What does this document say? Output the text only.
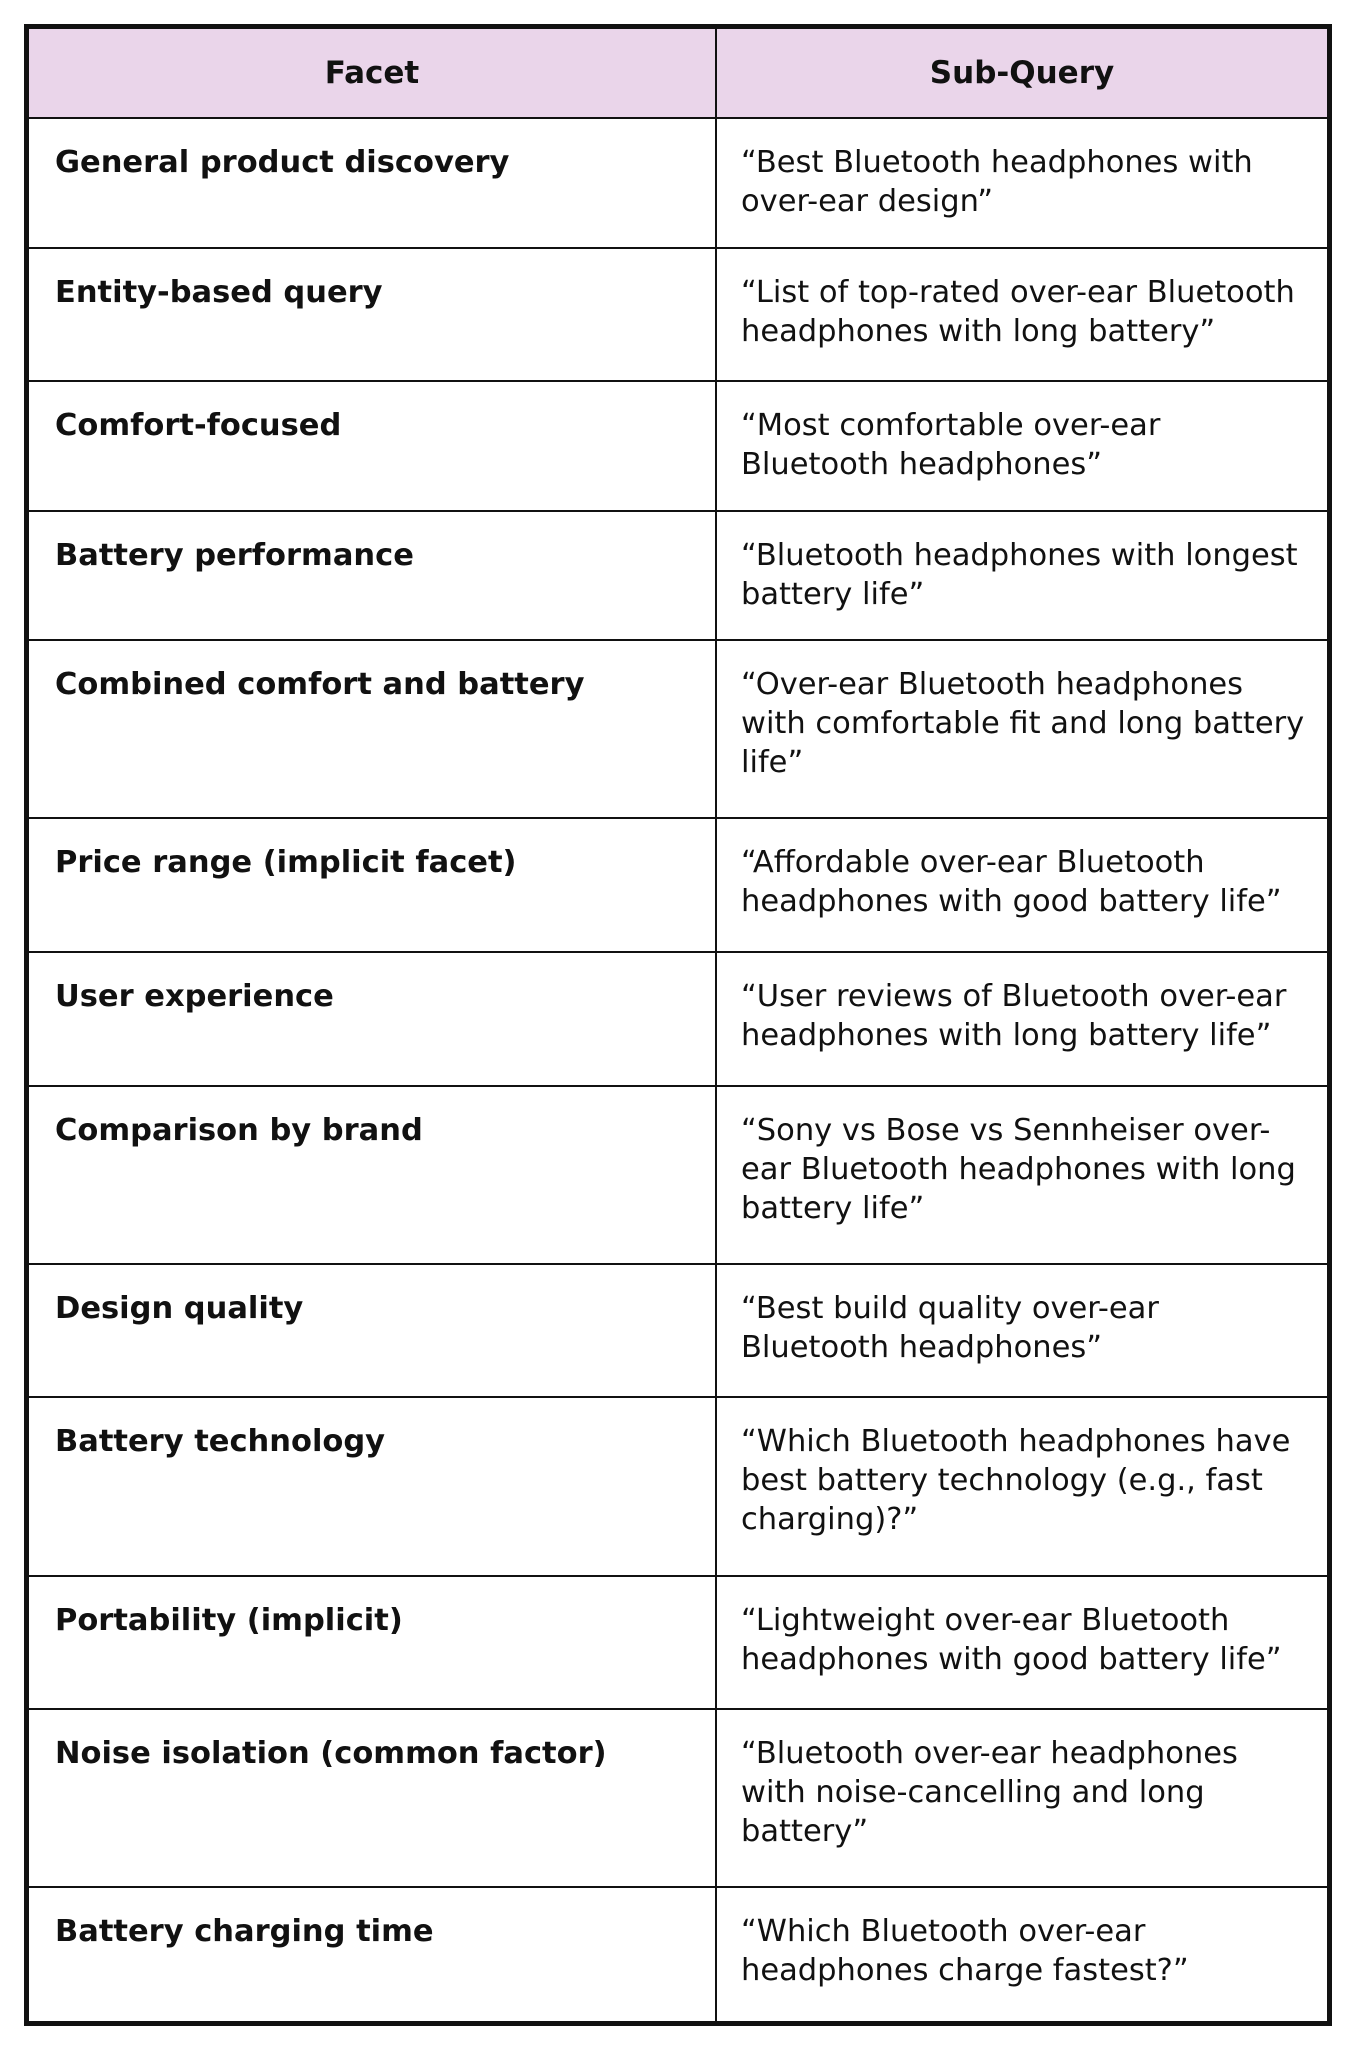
Facet	Sub-Query
General product discovery	“Best Bluetooth headphones with over-ear design”
Entity-based query	“List of top-rated over-ear Bluetooth headphones with long battery”
Comfort-focused	“Most comfortable over-ear Bluetooth headphones”
Battery performance	“Bluetooth headphones with longest battery life”
Combined comfort and battery	“Over-ear Bluetooth headphones with comfortable fit and long battery life”
Price range (implicit facet)	“Affordable over-ear Bluetooth headphones with good battery life”
User experience	“User reviews of Bluetooth over-ear headphones with long battery life”
Comparison by brand	“Sony vs Bose vs Sennheiser over-ear Bluetooth headphones with long battery life”
Design quality	“Best build quality over-ear Bluetooth headphones”
Battery technology	“Which Bluetooth headphones have best battery technology (e.g., fast charging)?”
Portability (implicit)	“Lightweight over-ear Bluetooth headphones with good battery life”
Noise isolation (common factor)	“Bluetooth over-ear headphones with noise-cancelling and long battery”
Battery charging time	“Which Bluetooth over-ear headphones charge fastest?”
